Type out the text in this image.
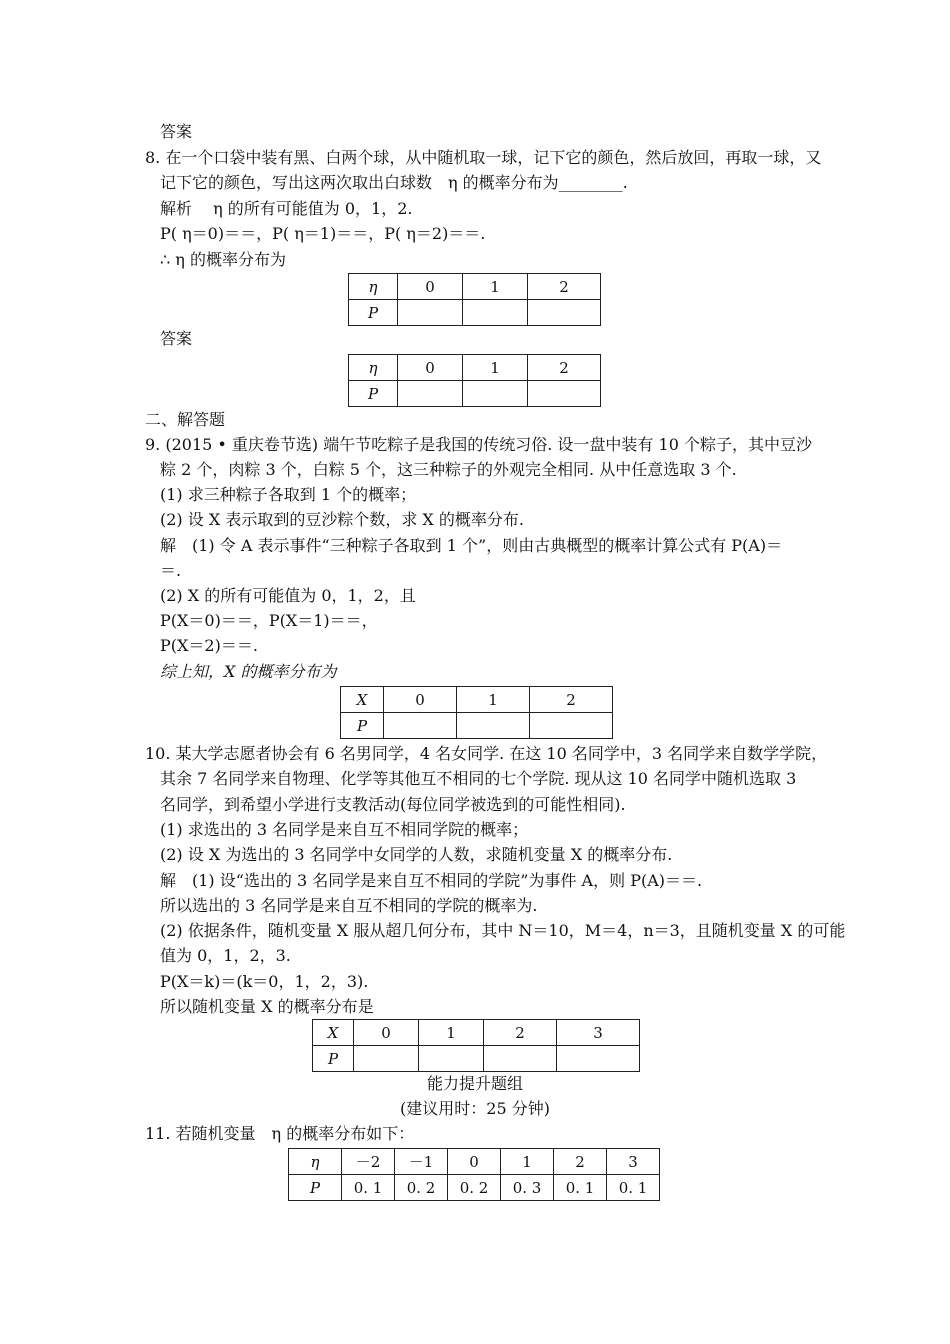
答案
8. 在一个口袋中装有黑、白两个球，从中随机取一球，记下它的颜色，然后放回，再取一球，又
记下它的颜色，写出这两次取出白球数　η 的概率分布为________.
解析　 η 的所有可能值为 0，1，2.
P( η＝0)＝＝，P( η＝1)＝＝，P( η＝2)＝＝.
∴ η 的概率分布为
η	0	1	2
P			
答案
η	0	1	2
P			
二、解答题
9. (2015 • 重庆卷节选) 端午节吃粽子是我国的传统习俗. 设一盘中装有 10 个粽子，其中豆沙
粽 2 个，肉粽 3 个，白粽 5 个，这三种粽子的外观完全相同. 从中任意选取 3 个.
(1) 求三种粽子各取到 1 个的概率；
(2) 设 X 表示取到的豆沙粽个数，求 X 的概率分布.
解　(1) 令 A 表示事件“三种粽子各取到 1 个”，则由古典概型的概率计算公式有 P(A)＝
＝.
(2) X 的所有可能值为 0，1，2，且
P(X＝0)＝＝，P(X＝1)＝＝，
P(X＝2)＝＝.
综上知，X 的概率分布为
X	0	1	2
P			
10. 某大学志愿者协会有 6 名男同学，4 名女同学. 在这 10 名同学中，3 名同学来自数学学院，
其余 7 名同学来自物理、化学等其他互不相同的七个学院. 现从这 10 名同学中随机选取 3
名同学，到希望小学进行支教活动(每位同学被选到的可能性相同).
(1) 求选出的 3 名同学是来自互不相同学院的概率；
(2) 设 X 为选出的 3 名同学中女同学的人数，求随机变量 X 的概率分布.
解　(1) 设“选出的 3 名同学是来自互不相同的学院”为事件 A，则 P(A)＝＝.
所以选出的 3 名同学是来自互不相同的学院的概率为.
(2) 依据条件，随机变量 X 服从超几何分布，其中 N＝10，M＝4，n＝3，且随机变量 X 的可能
值为 0，1，2，3.
P(X＝k)＝(k＝0，1，2，3).
所以随机变量 X 的概率分布是
X	0	1	2	3
P				
能力提升题组
(建议用时：25 分钟)
11. 若随机变量　η 的概率分布如下：
η	－2	－1	0	1	2	3
P	0. 1	0. 2	0. 2	0. 3	0. 1	0. 1
